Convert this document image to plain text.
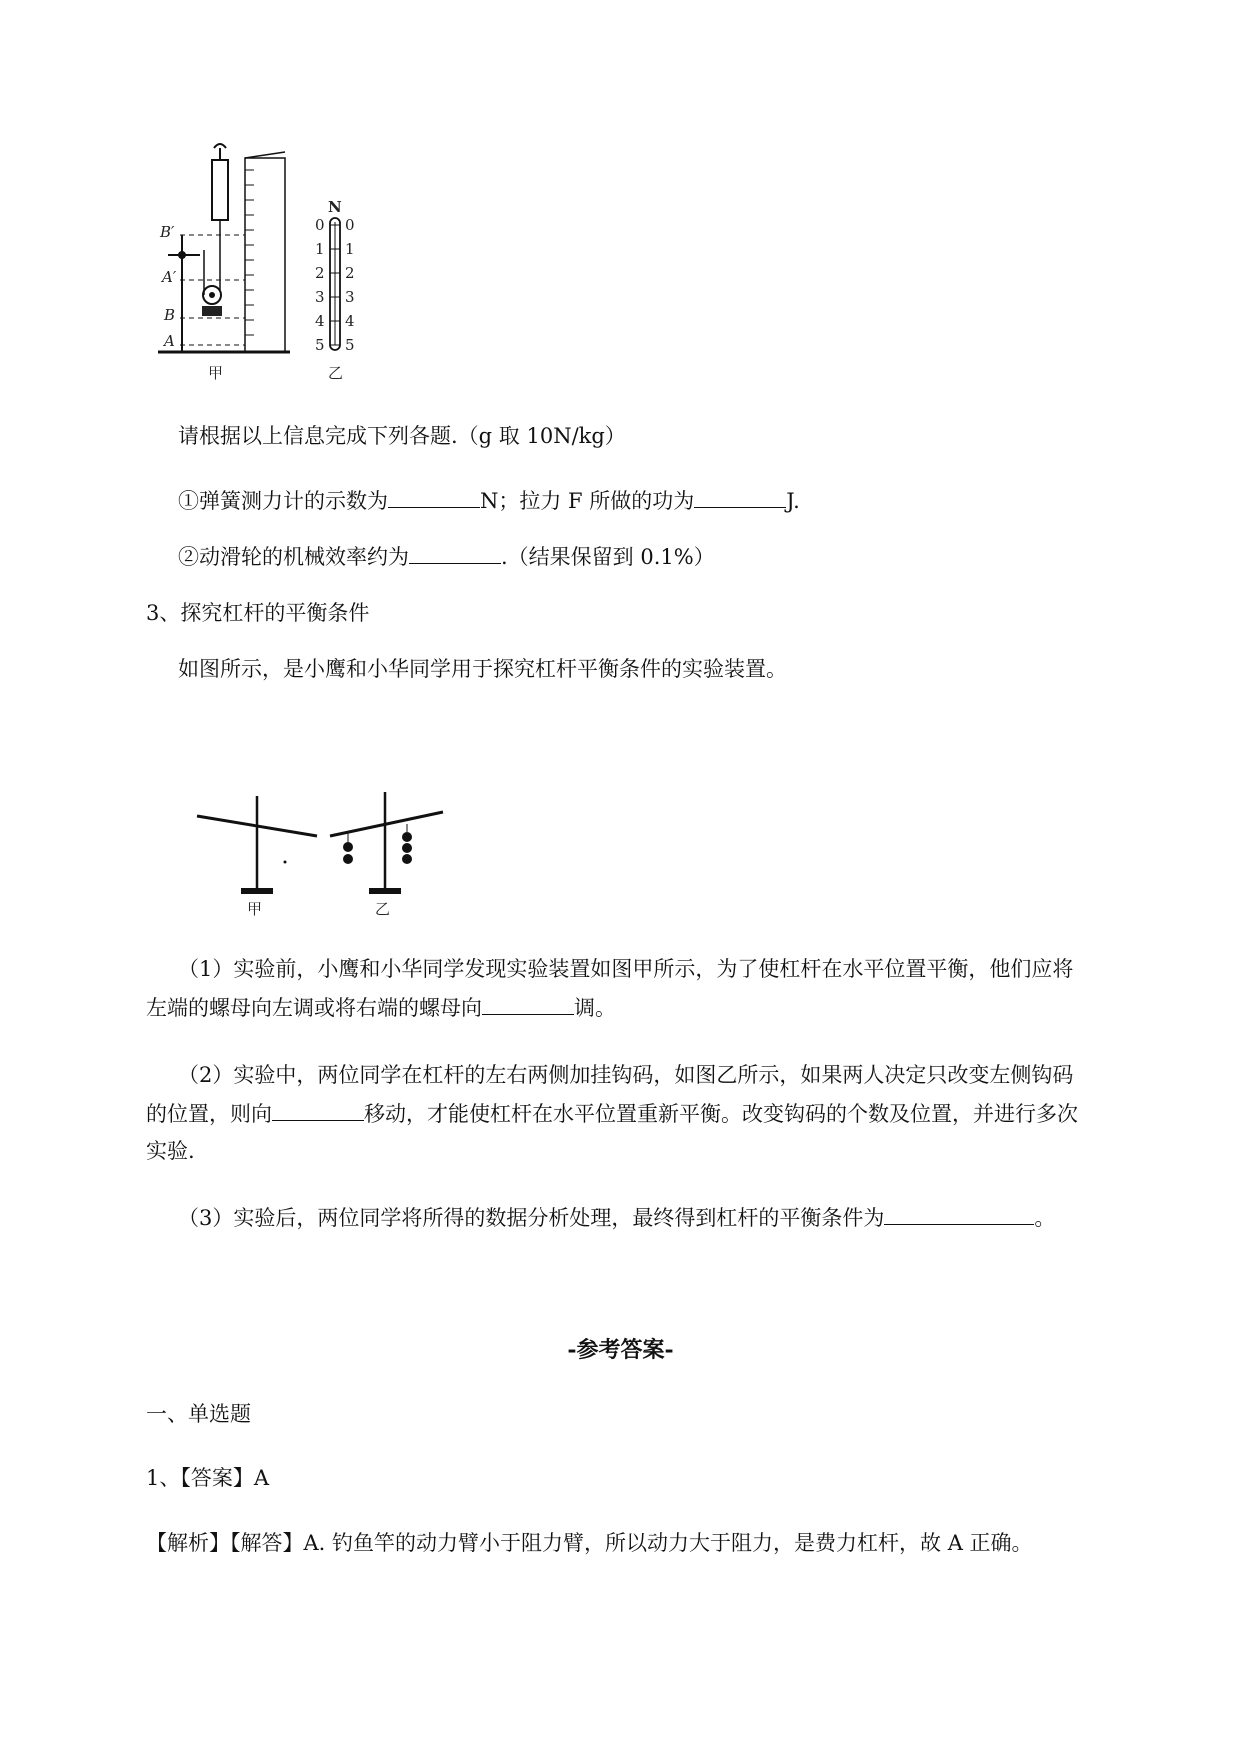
B′
A′
B
A
N
0
1
2
3
4
5
0
1
2
3
4
5
甲	乙
请根据以上信息完成下列各题.（g 取 10N/kg）
①弹簧测力计的示数为	N；拉力 F 所做的功为	J.
②动滑轮的机械效率约为	.（结果保留到 0.1%）
3、探究杠杆的平衡条件
如图所示，是小鹰和小华同学用于探究杠杆平衡条件的实验装置。
甲	乙
（1）实验前，小鹰和小华同学发现实验装置如图甲所示，为了使杠杆在水平位置平衡，他们应将
左端的螺母向左调或将右端的螺母向	调。
（2）实验中，两位同学在杠杆的左右两侧加挂钩码，如图乙所示，如果两人决定只改变左侧钩码
的位置，则向	移动，才能使杠杆在水平位置重新平衡。改变钩码的个数及位置，并进行多次
实验.
（3）实验后，两位同学将所得的数据分析处理，最终得到杠杆的平衡条件为	。
-参考答案-
一、单选题
1、【答案】A
【解析】【解答】A. 钓鱼竿的动力臂小于阻力臂，所以动力大于阻力，是费力杠杆，故 A 正确。
